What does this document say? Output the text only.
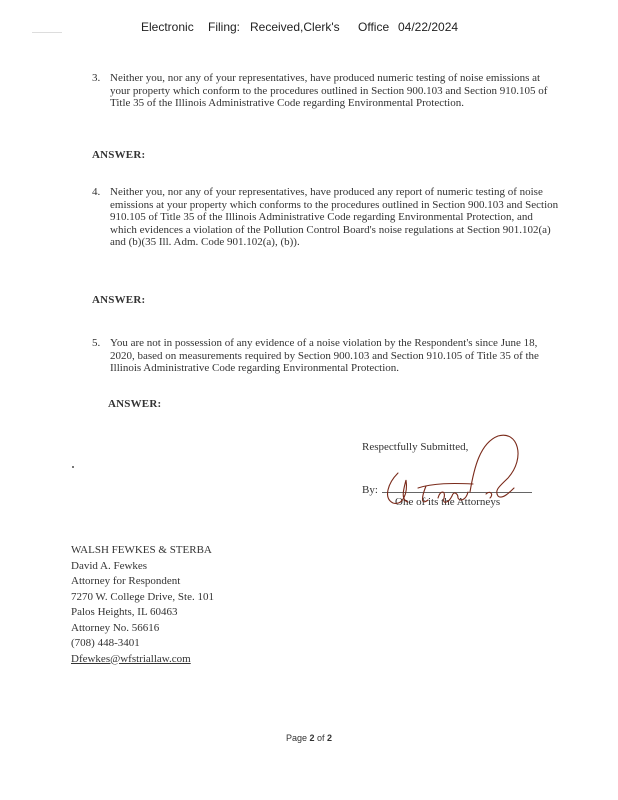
Electronic Filing: Received,Clerk's Office 04/22/2024
3. Neither you, nor any of your representatives, have produced numeric testing of noise emissions at your property which conform to the procedures outlined in Section 900.103 and Section 910.105 of Title 35 of the Illinois Administrative Code regarding Environmental Protection.
ANSWER:
4. Neither you, nor any of your representatives, have produced any report of numeric testing of noise emissions at your property which conforms to the procedures outlined in Section 900.103 and Section 910.105 of Title 35 of the Illinois Administrative Code regarding Environmental Protection, and which evidences a violation of the Pollution Control Board's noise regulations at Section 901.102(a) and (b)(35 Ill. Adm. Code 901.102(a), (b)).
ANSWER:
5. You are not in possession of any evidence of a noise violation by the Respondent's since June 18, 2020, based on measurements required by Section 900.103 and Section 910.105 of Title 35 of the Illinois Administrative Code regarding Environmental Protection.
ANSWER:
Respectfully Submitted,
By:
One of its the Attorneys
WALSH FEWKES & STERBA
David A. Fewkes
Attorney for Respondent
7270 W. College Drive, Ste. 101
Palos Heights, IL 60463
Attorney No. 56616
(708) 448-3401
Dfewkes@wfstriallaw.com
Page 2 of 2
